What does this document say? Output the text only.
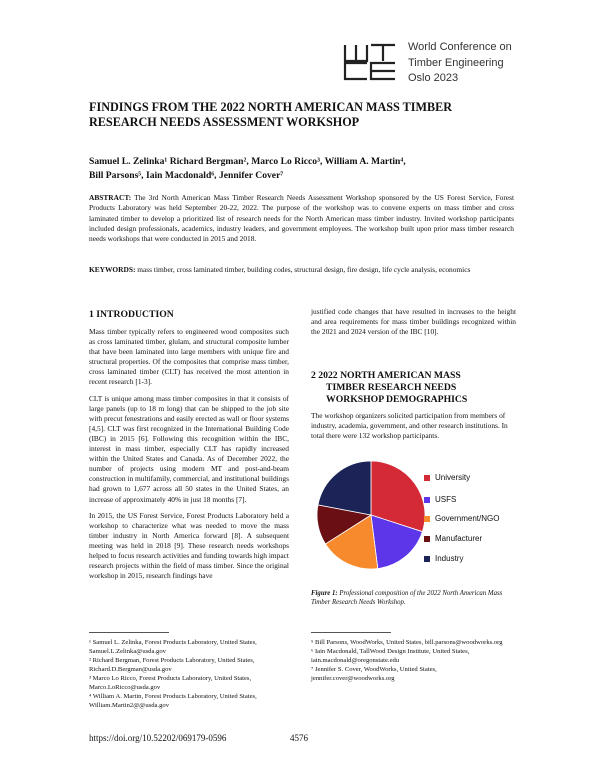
World Conference on
Timber Engineering
Oslo 2023
FINDINGS FROM THE 2022 NORTH AMERICAN MASS TIMBER RESEARCH NEEDS ASSESSMENT WORKSHOP
Samuel L. Zelinka¹ Richard Bergman², Marco Lo Ricco³, William A. Martin⁴,
Bill Parsons⁵, Iain Macdonald⁶, Jennifer Cover⁷
ABSTRACT: The 3rd North American Mass Timber Research Needs Assessment Workshop sponsored by the US Forest Service, Forest Products Laboratory was held September 20-22, 2022. The purpose of the workshop was to convene experts on mass timber and cross laminated timber to develop a prioritized list of research needs for the North American mass timber industry. Invited workshop participants included design professionals, academics, industry leaders, and government employees. The workshop built upon prior mass timber research needs workshops that were conducted in 2015 and 2018.
KEYWORDS: mass timber, cross laminated timber, building codes, structural design, fire design, life cycle analysis, economics
1 INTRODUCTION

Mass timber typically refers to engineered wood composites such as cross laminated timber, glulam, and structural composite lumber that have been laminated into large members with unique fire and structural properties. Of the composites that comprise mass timber, cross laminated timber (CLT) has received the most attention in recent research [1-3].

CLT is unique among mass timber composites in that it consists of large panels (up to 18 m long) that can be shipped to the job site with precut fenestrations and easily erected as wall or floor systems [4,5]. CLT was first recognized in the International Building Code (IBC) in 2015 [6]. Following this recognition within the IBC, interest in mass timber, especially CLT has rapidly increased within the United States and Canada. As of December 2022, the number of projects using modern MT and post-and-beam construction in multifamily, commercial, and institutional buildings had grown to 1,677 across all 50 states in the United States, an increase of approximately 40% in just 18 months [7].

In 2015, the US Forest Service, Forest Products Laboratory held a workshop to characterize what was needed to move the mass timber industry in North America forward [8]. A subsequent meeting was held in 2018 [9]. These research needs workshops helped to focus research activities and funding towards high impact research projects within the field of mass timber. Since the original workshop in 2015, research findings have

justified code changes that have resulted in increases to the height and area requirements for mass timber buildings recognized within the 2021 and 2024 version of the IBC [10].

2 2022 NORTH AMERICAN MASS
TIMBER RESEARCH NEEDS
WORKSHOP DEMOGRAPHICS
The workshop organizers solicited participation from members of industry, academia, government, and other research institutions. In total there were 132 workshop participants.
University
USFS
Government/NGO
Manufacturer
Industry
Figure 1: Professional composition of the 2022 North American Mass Timber Research Needs Workshop.
¹ Samuel L. Zelinka, Forest Products Laboratory, United States, Samuel.L.Zelinka@usda.gov
² Richard Bergman, Forest Products Laboratory, United States, Richard.D.Bergman@usda.gov
³ Marco Lo Ricco, Forest Products Laboratory, United States, Marco.LoRicco@usda.gov
⁴ William A. Martin, Forest Products Laboratory, United States, William.Martin2@@usda.gov
⁵ Bill Parsons, WoodWorks, United States, bill.parsons@woodworks.org
⁶ Iain Macdonald, TallWood Design Institute, United States, iain.macdonald@oregonstate.edu
⁷ Jennifer S. Cover, WoodWorks, United States, jennifer.cover@woodworks.org
https://doi.org/10.52202/069179-0596	4576
